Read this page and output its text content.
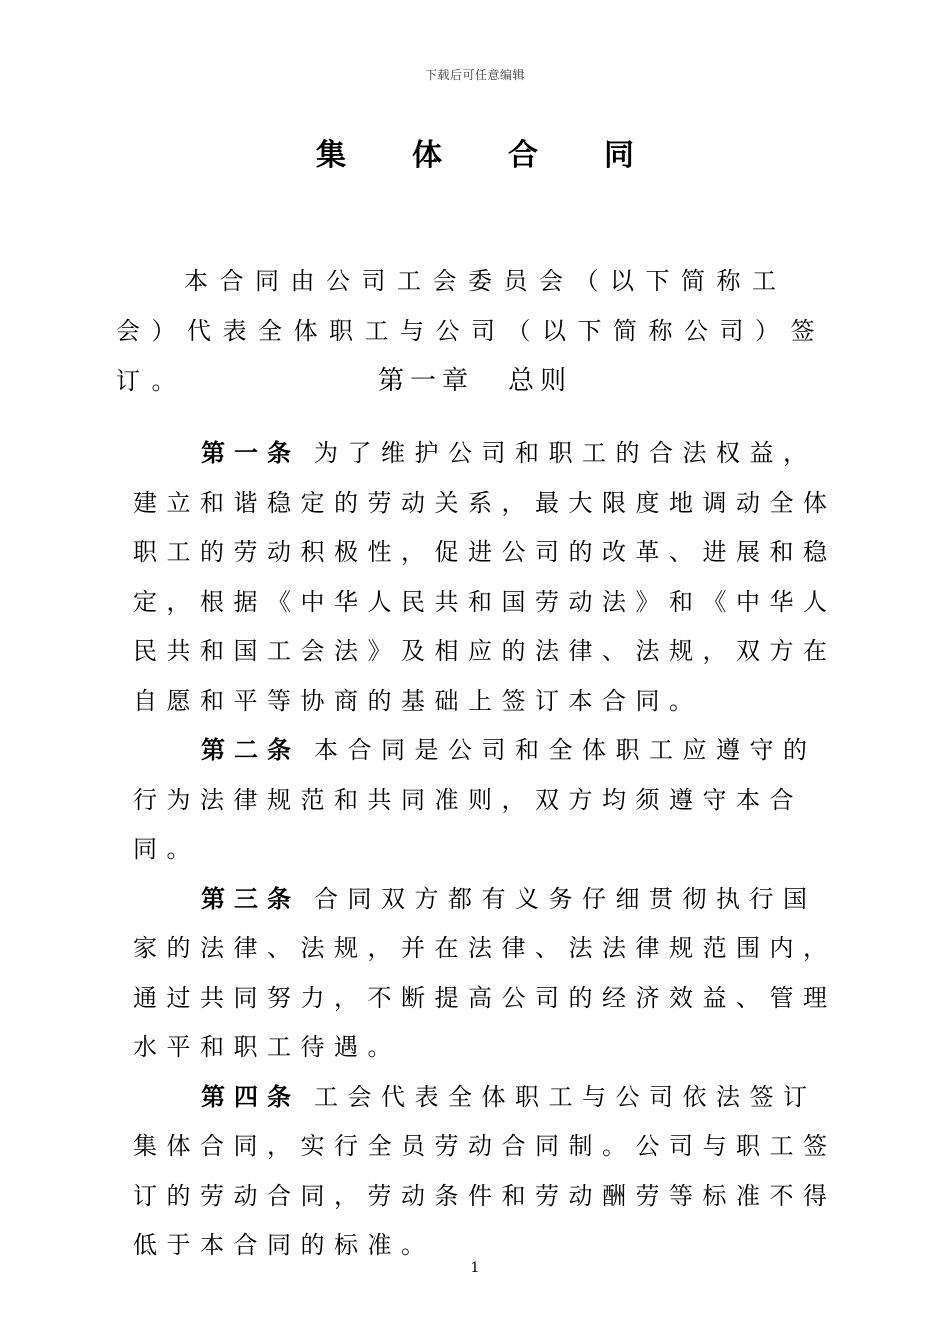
下载后可任意编辑
集体合同

本合同由公司工会委员会（以下简称工会）代表全体职工与公司（以下简称公司）签订。	第一章 总则

第一条 为了维护公司和职工的合法权益，建立和谐稳定的劳动关系，最大限度地调动全体职工的劳动积极性，促进公司的改革、进展和稳定，根据《中华人民共和国劳动法》和《中华人民共和国工会法》及相应的法律、法规，双方在自愿和平等协商的基础上签订本合同。

第二条 本合同是公司和全体职工应遵守的行为法律规范和共同准则，双方均须遵守本合同。

第三条 合同双方都有义务仔细贯彻执行国家的法律、法规，并在法律、法法律规范围内，通过共同努力，不断提高公司的经济效益、管理水平和职工待遇。

第四条 工会代表全体职工与公司依法签订集体合同，实行全员劳动合同制。公司与职工签订的劳动合同，劳动条件和劳动酬劳等标准不得低于本合同的标准。

1
